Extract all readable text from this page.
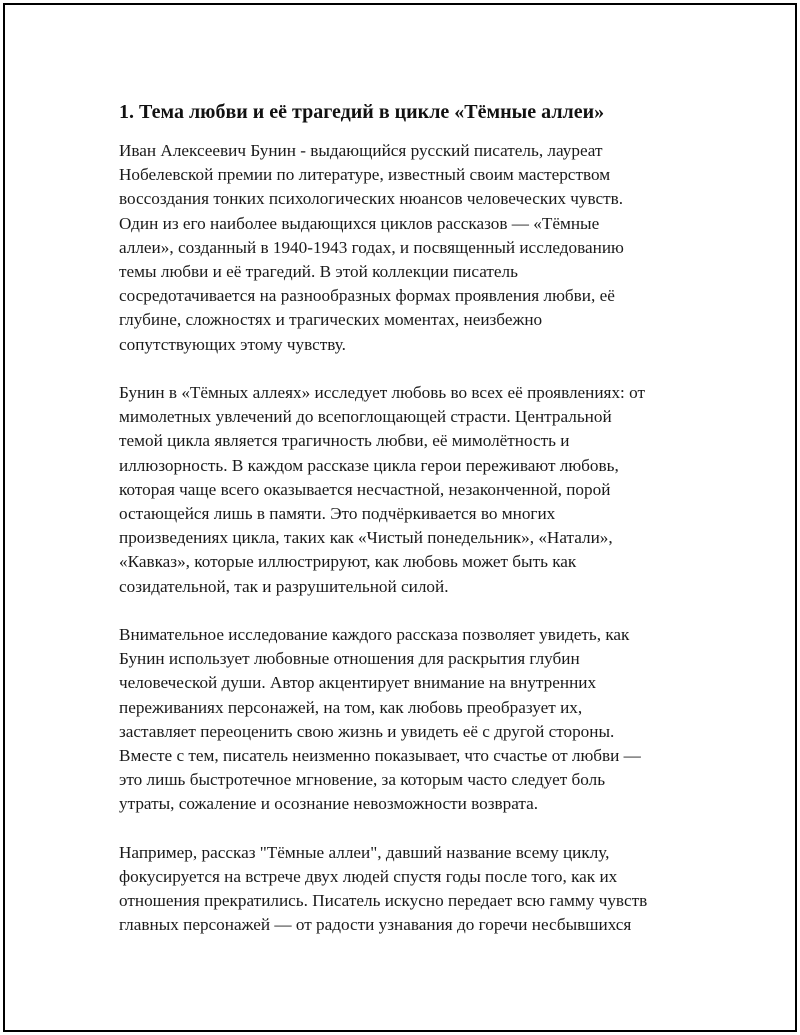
1. Тема любви и её трагедий в цикле «Тёмные аллеи»
Иван Алексеевич Бунин - выдающийся русский писатель, лауреат
Нобелевской премии по литературе, известный своим мастерством
воссоздания тонких психологических нюансов человеческих чувств.
Один из его наиболее выдающихся циклов рассказов — «Тёмные
аллеи», созданный в 1940-1943 годах, и посвященный исследованию
темы любви и её трагедий. В этой коллекции писатель
сосредотачивается на разнообразных формах проявления любви, её
глубине, сложностях и трагических моментах, неизбежно
сопутствующих этому чувству.
Бунин в «Тёмных аллеях» исследует любовь во всех её проявлениях: от
мимолетных увлечений до всепоглощающей страсти. Центральной
темой цикла является трагичность любви, её мимолётность и
иллюзорность. В каждом рассказе цикла герои переживают любовь,
которая чаще всего оказывается несчастной, незаконченной, порой
остающейся лишь в памяти. Это подчёркивается во многих
произведениях цикла, таких как «Чистый понедельник», «Натали»,
«Кавказ», которые иллюстрируют, как любовь может быть как
созидательной, так и разрушительной силой.
Внимательное исследование каждого рассказа позволяет увидеть, как
Бунин использует любовные отношения для раскрытия глубин
человеческой души. Автор акцентирует внимание на внутренних
переживаниях персонажей, на том, как любовь преобразует их,
заставляет переоценить свою жизнь и увидеть её с другой стороны.
Вместе с тем, писатель неизменно показывает, что счастье от любви —
это лишь быстротечное мгновение, за которым часто следует боль
утраты, сожаление и осознание невозможности возврата.
Например, рассказ "Тёмные аллеи", давший название всему циклу,
фокусируется на встрече двух людей спустя годы после того, как их
отношения прекратились. Писатель искусно передает всю гамму чувств
главных персонажей — от радости узнавания до горечи несбывшихся
